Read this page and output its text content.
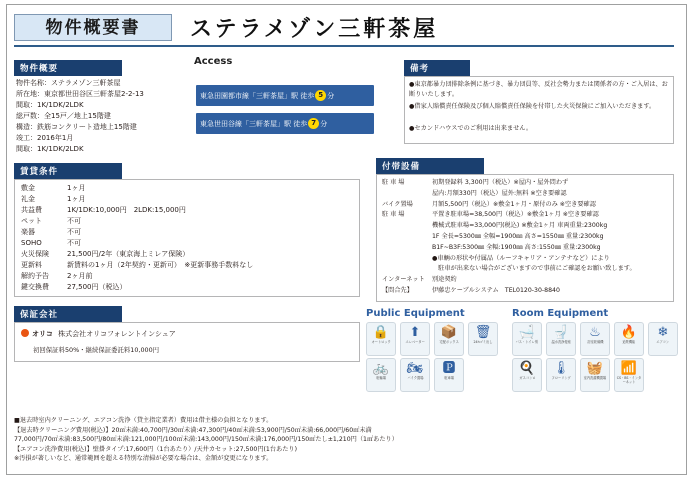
物件概要書	ステラメゾン三軒茶屋
物件概要
物件名称：ステラメゾン三軒茶屋
所在地：東京都世田谷区三軒茶屋2-2-13
間取：1K/1DK/2LDK
総戸数：全15戸／地上15階建
構造：鉄筋コンクリート造地上15階建
竣工：2016年1月
間取：1K/1DK/2LDK
Access
東急田園都市線「三軒茶屋」駅 徒歩 5 分
東急世田谷線「三軒茶屋」駅 徒歩 7 分
備考
●東京都暴力団排除条例に基づき、暴力団員等、反社会勢力または関係者の方・ご入居は、お断りいたします。
●借家人賠償責任保険及び個人賠償責任保険を付帯した火災保険にご加入いただきます。
●セカンドハウスでのご利用は出来ません。
賃貸条件
敷金	1ヶ月
礼金	1ヶ月
共益費	1K/1DK:10,000円　2LDK:15,000円
ペット	不可
楽器	不可
SOHO	不可
火災保険	21,500円/2年（東京海上ミレア保険）
更新料	新賃料の1ヶ月（2年契約・更新可）　※更新事務手数料なし
解約予告	2ヶ月前
鍵交換費	27,500円（税込）
保証会社
オリコ 株式会社オリコフォレントインシュア
初回保証料50%・継続保証委託料10,000円
付帯設備
駐 車 場	初期登録料 3,300円（税込）※屋内・屋外問わず
屋内:月額330円（税込）屋外:無料 ※空き要確認
バイク置場	月額5,500円（税込）※敷金1ヶ月・原付のみ ※空き要確認
駐 車 場	平置き駐車場=38,500円（税込）※敷金1ヶ月 ※空き要確認
機械式駐車場=33,000円(税込) ※敷金1ヶ月 車両重量:2300kg
1F 全長=5300㎜ 全幅=1900㎜ 高さ=1550㎜ 重量:2300kg
B1F~B3F:5300㎜ 全幅:1900㎜ 高さ:1550㎜ 重量:2300kg
●車輌の形状や付属品（ルーフキャリア・アンテナなど）により
　駐車が出来ない場合がございますので事前にご確認をお願い致します。
インターネット	別途契約
【問合先】	伊藤忠ケーブルシステム　TEL0120-30-8840
Public Equipment
🔒
オートロック
⬆
エレベーター
📦
宅配ボックス
🗑
24hゴミ出し
🚲
駐輪場
🏍
バイク置場
🅿
駐車場
Room Equipment
🛁
バス・トイレ別
🚽
温水洗浄便座
♨
浴室乾燥機
🔥
追焚機能
❄
エアコン
🍳
ガスコンロ
🌡
フローリング
🧺
室内洗濯機置場
📶
CS・BS・インターネット
■退去時室内クリーニング、エアコン洗浄（貸主指定業者）費用は借主様の負担となります。
【退去時クリーニング費用(税込)】20㎡未満:40,700円/30㎡未満:47,300円/40㎡未満:53,900円/50㎡未満:66,000円/60㎡未満
77,000円/70㎡未満:83,500円/80㎡未満:121,000円/100㎡未満:143,000円/150㎡未満:176,000円/150㎡たし±1,210円（1㎡あたり）
【エアコン洗浄費用(税込)】壁掛タイプ:17,600円（1台あたり）/天井カセット:27,500円(1台あたり)
※汚損が著しいなど、通常範囲を超える特別な清掃が必要な場合は、金額が変更になります。
